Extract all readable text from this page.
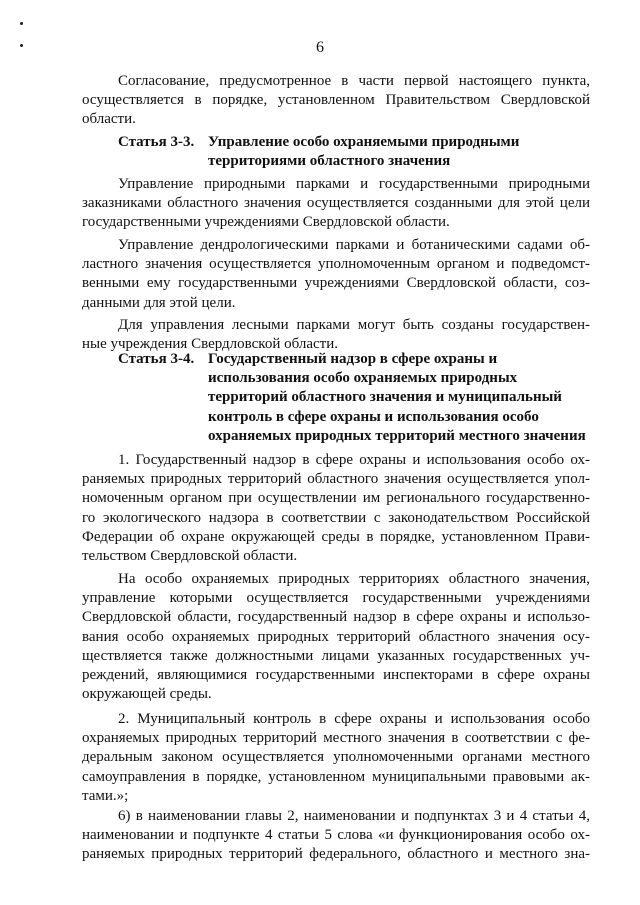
6
Согласование, предусмотренное в части первой настоящего пункта,
осуществляется в порядке, установленном Правительством Свердловской
области.
Статья 3-3. Управление особо охраняемыми природными
территориями областного значения
Управление природными парками и государственными природными
заказниками областного значения осуществляется созданными для этой цели
государственными учреждениями Свердловской области.
Управление дендрологическими парками и ботаническими садами об-
ластного значения осуществляется уполномоченным органом и подведомст-
венными ему государственными учреждениями Свердловской области, соз-
данными для этой цели.
Для управления лесными парками могут быть созданы государствен-
ные учреждения Свердловской области.
Статья 3-4. Государственный надзор в сфере охраны и
использования особо охраняемых природных
территорий областного значения и муниципальный
контроль в сфере охраны и использования особо
охраняемых природных территорий местного значения
1. Государственный надзор в сфере охраны и использования особо ох-
раняемых природных территорий областного значения осуществляется упол-
номоченным органом при осуществлении им регионального государственно-
го экологического надзора в соответствии с законодательством Российской
Федерации об охране окружающей среды в порядке, установленном Прави-
тельством Свердловской области.
На особо охраняемых природных территориях областного значения,
управление которыми осуществляется государственными учреждениями
Свердловской области, государственный надзор в сфере охраны и использо-
вания особо охраняемых природных территорий областного значения осу-
ществляется также должностными лицами указанных государственных уч-
реждений, являющимися государственными инспекторами в сфере охраны
окружающей среды.
2. Муниципальный контроль в сфере охраны и использования особо
охраняемых природных территорий местного значения в соответствии с фе-
деральным законом осуществляется уполномоченными органами местного
самоуправления в порядке, установленном муниципальными правовыми ак-
тами.»;
6) в наименовании главы 2, наименовании и подпунктах 3 и 4 статьи 4,
наименовании и подпункте 4 статьи 5 слова «и функционирования особо ох-
раняемых природных территорий федерального, областного и местного зна-
